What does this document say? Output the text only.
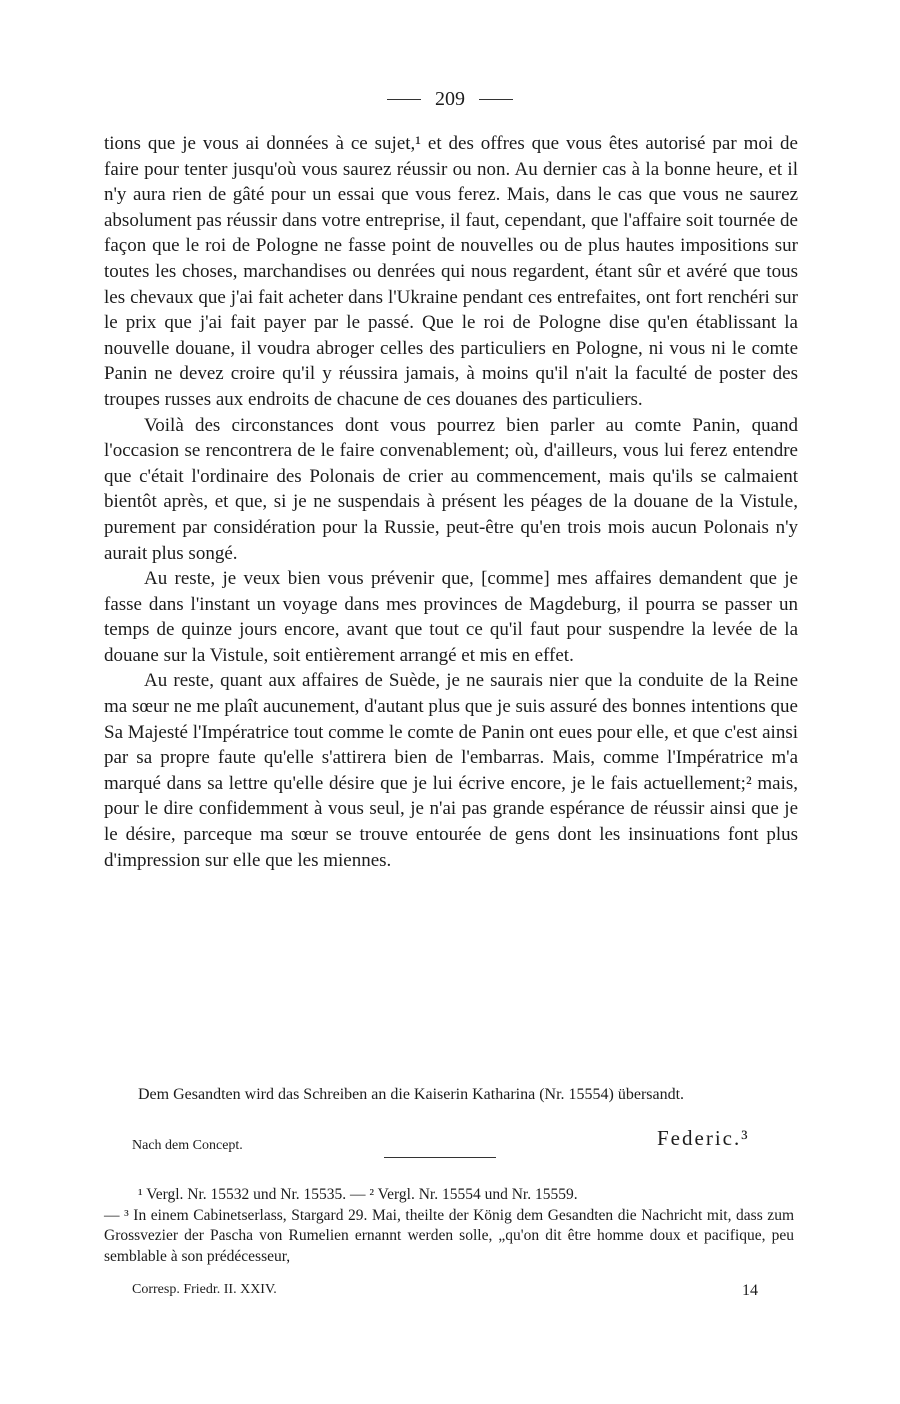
209

tions que je vous ai données à ce sujet,¹ et des offres que vous êtes autorisé par moi de faire pour tenter jusqu'où vous saurez réussir ou non. Au dernier cas à la bonne heure, et il n'y aura rien de gâté pour un essai que vous ferez. Mais, dans le cas que vous ne saurez absolument pas réussir dans votre entreprise, il faut, cependant, que l'affaire soit tournée de façon que le roi de Pologne ne fasse point de nouvelles ou de plus hautes impositions sur toutes les choses, marchandises ou denrées qui nous regardent, étant sûr et avéré que tous les chevaux que j'ai fait acheter dans l'Ukraine pendant ces entrefaites, ont fort renchéri sur le prix que j'ai fait payer par le passé. Que le roi de Pologne dise qu'en établissant la nouvelle douane, il voudra abroger celles des particuliers en Pologne, ni vous ni le comte Panin ne devez croire qu'il y réussira jamais, à moins qu'il n'ait la faculté de poster des troupes russes aux endroits de chacune de ces douanes des particuliers.

Voilà des circonstances dont vous pourrez bien parler au comte Panin, quand l'occasion se rencontrera de le faire convenablement; où, d'ailleurs, vous lui ferez entendre que c'était l'ordinaire des Polonais de crier au commencement, mais qu'ils se calmaient bientôt après, et que, si je ne suspendais à présent les péages de la douane de la Vistule, purement par considération pour la Russie, peut-être qu'en trois mois aucun Polonais n'y aurait plus songé.

Au reste, je veux bien vous prévenir que, [comme] mes affaires demandent que je fasse dans l'instant un voyage dans mes provinces de Magdeburg, il pourra se passer un temps de quinze jours encore, avant que tout ce qu'il faut pour suspendre la levée de la douane sur la Vistule, soit entièrement arrangé et mis en effet.

Au reste, quant aux affaires de Suède, je ne saurais nier que la conduite de la Reine ma sœur ne me plaît aucunement, d'autant plus que je suis assuré des bonnes intentions que Sa Majesté l'Impératrice tout comme le comte de Panin ont eues pour elle, et que c'est ainsi par sa propre faute qu'elle s'attirera bien de l'embarras. Mais, comme l'Impératrice m'a marqué dans sa lettre qu'elle désire que je lui écrive encore, je le fais actuellement;² mais, pour le dire confidemment à vous seul, je n'ai pas grande espérance de réussir ainsi que je le désire, parceque ma sœur se trouve entourée de gens dont les insinuations font plus d'impression sur elle que les miennes.

Dem Gesandten wird das Schreiben an die Kaiserin Katharina (Nr. 15554) übersandt.

Nach dem Concept.	Federic.³

¹ Vergl. Nr. 15532 und Nr. 15535. — ² Vergl. Nr. 15554 und Nr. 15559.

— ³ In einem Cabinetserlass, Stargard 29. Mai, theilte der König dem Gesandten die Nachricht mit, dass zum Grossvezier der Pascha von Rumelien ernannt werden solle, „qu'on dit être homme doux et pacifique, peu semblable à son prédécesseur,

Corresp. Friedr. II. XXIV.	14
